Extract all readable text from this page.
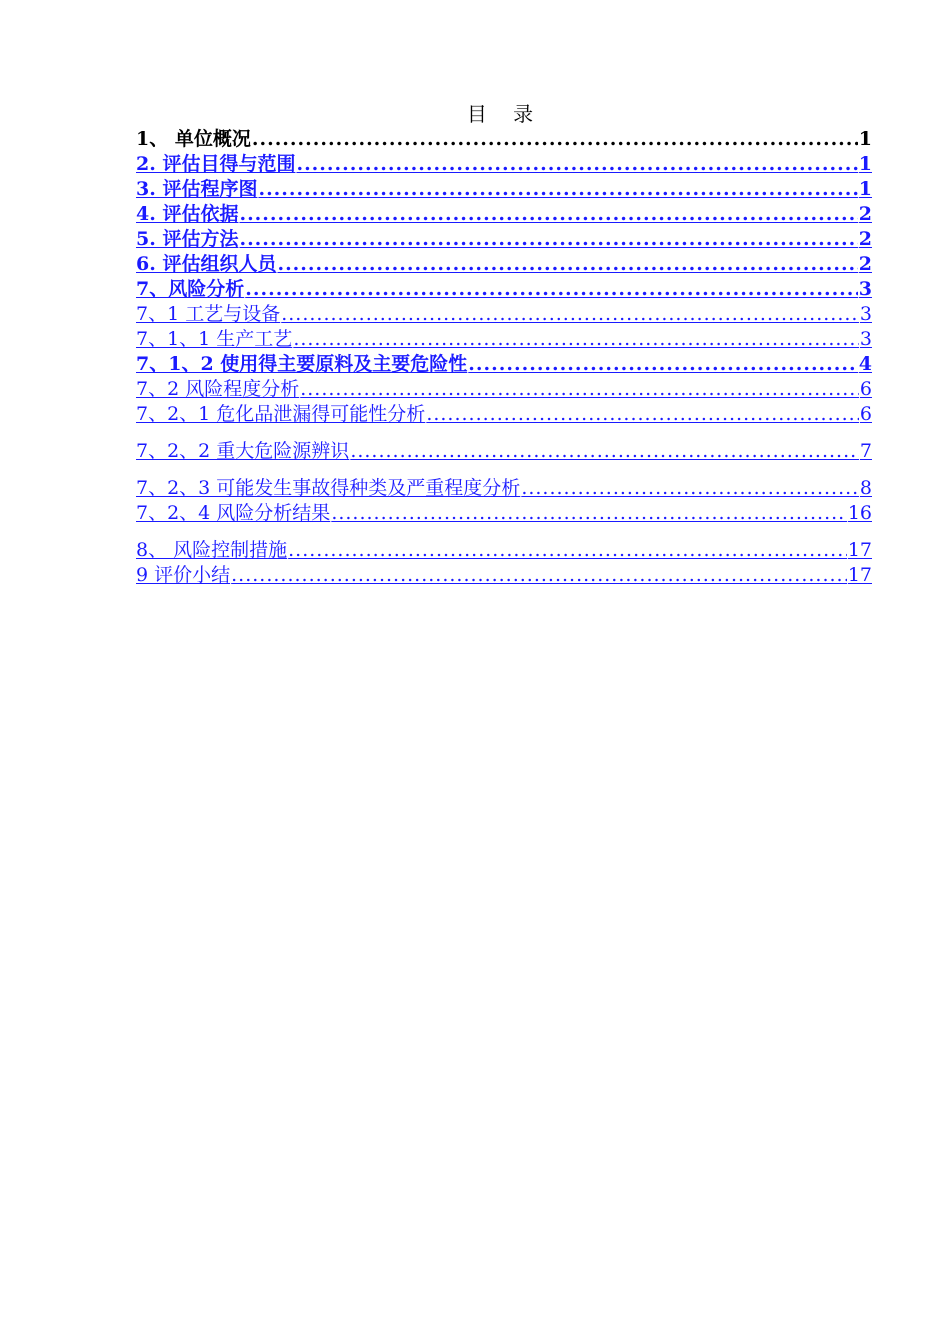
目 录
1、 单位概况 .....	1
2. 评估目得与范围 .....	1
3. 评估程序图 .....	1
4. 评估依据 .....	2
5. 评估方法 .....	2
6. 评估组织人员 .....	2
7、风险分析 .....	3
7、1 工艺与设备 .....	3
7、1、1 生产工艺 .....	3
7、1、2 使用得主要原料及主要危险性 .....	4
7、2 风险程度分析 .....	6
7、2、1 危化品泄漏得可能性分析 .....	6
7、2、2 重大危险源辨识 .....	7
7、2、3 可能发生事故得种类及严重程度分析 .....	8
7、2、4 风险分析结果 .....	16
8、 风险控制措施 .....	17
9 评价小结 .....	17
